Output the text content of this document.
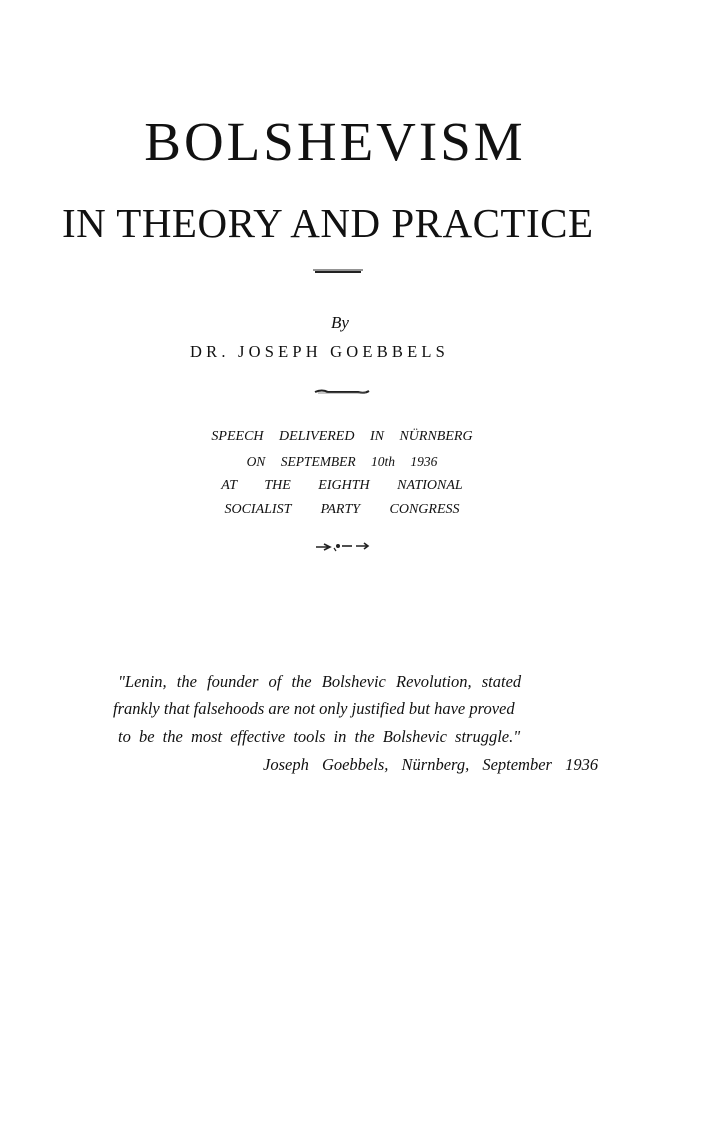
BOLSHEVISM
IN THEORY AND PRACTICE
By
DR. JOSEPH GOEBBELS
SPEECH DELIVERED IN NÜRNBERG
ON SEPTEMBER 10th 1936
AT THE EIGHTH NATIONAL
SOCIALIST PARTY CONGRESS
"Lenin, the founder of the Bolshevic Revolution, stated
frankly that falsehoods are not only justified but have proved
to be the most effective tools in the Bolshevic struggle."
Joseph Goebbels, Nürnberg, September 1936
